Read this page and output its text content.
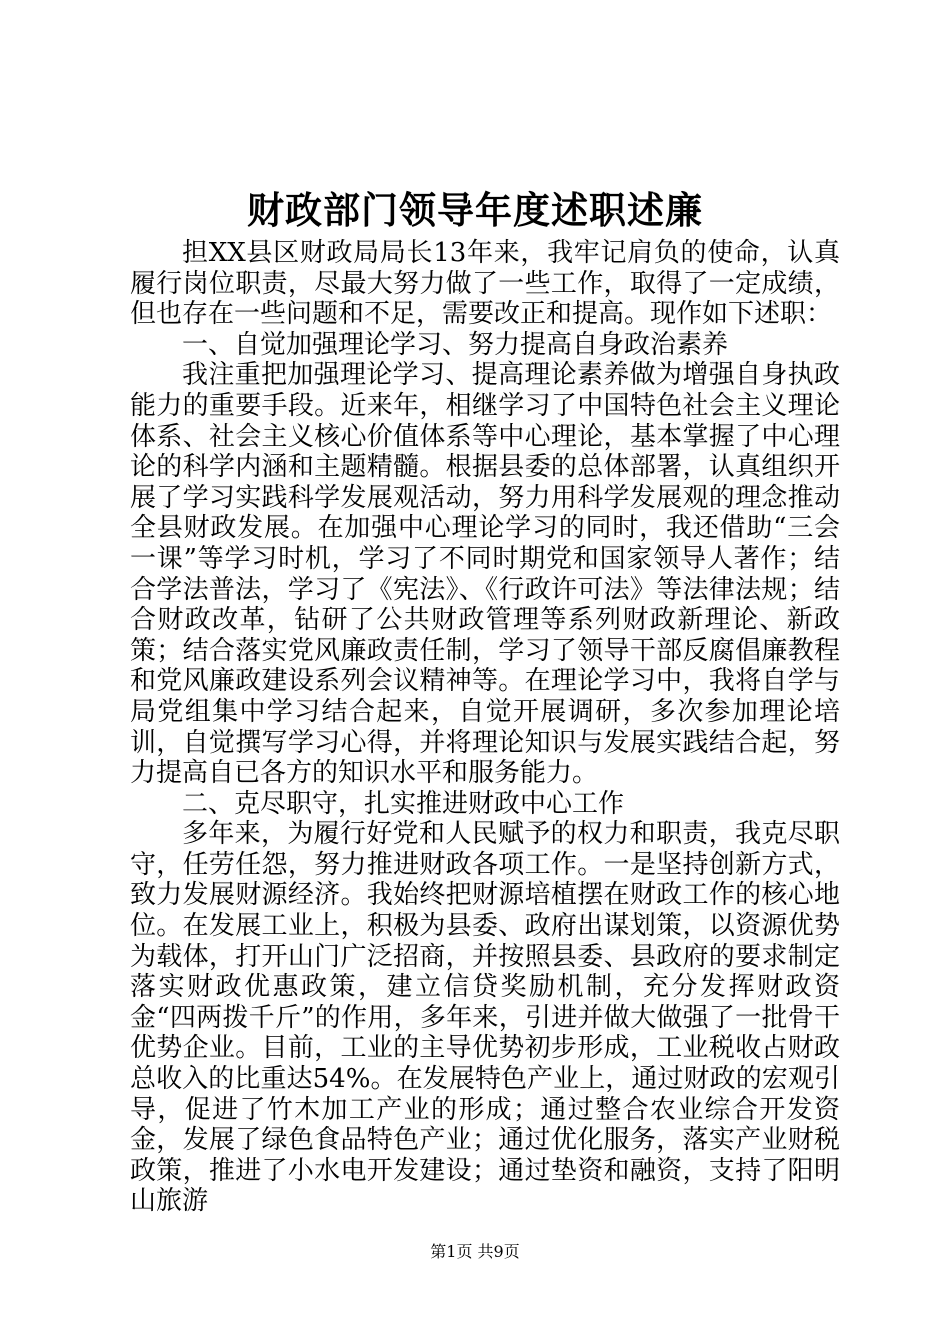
财政部门领导年度述职述廉

担XX县区财政局局长13年来，我牢记肩负的使命，认真履行岗位职责，尽最大努力做了一些工作，取得了一定成绩，但也存在一些问题和不足，需要改正和提高。现作如下述职：

一、自觉加强理论学习、努力提高自身政治素养

我注重把加强理论学习、提高理论素养做为增强自身执政能力的重要手段。近来年，相继学习了中国特色社会主义理论体系、社会主义核心价值体系等中心理论，基本掌握了中心理论的科学内涵和主题精髓。根据县委的总体部署，认真组织开展了学习实践科学发展观活动，努力用科学发展观的理念推动全县财政发展。在加强中心理论学习的同时，我还借助“三会一课”等学习时机，学习了不同时期党和国家领导人著作；结合学法普法，学习了《宪法》、《行政许可法》等法律法规；结合财政改革，钻研了公共财政管理等系列财政新理论、新政策；结合落实党风廉政责任制，学习了领导干部反腐倡廉教程和党风廉政建设系列会议精神等。在理论学习中，我将自学与局党组集中学习结合起来，自觉开展调研，多次参加理论培训，自觉撰写学习心得，并将理论知识与发展实践结合起，努力提高自已各方的知识水平和服务能力。

二、克尽职守，扎实推进财政中心工作

多年来，为履行好党和人民赋予的权力和职责，我克尽职守，任劳任怨，努力推进财政各项工作。一是坚持创新方式，致力发展财源经济。我始终把财源培植摆在财政工作的核心地位。在发展工业上，积极为县委、政府出谋划策，以资源优势为载体，打开山门广泛招商，并按照县委、县政府的要求制定落实财政优惠政策，建立信贷奖励机制，充分发挥财政资金“四两拨千斤”的作用，多年来，引进并做大做强了一批骨干优势企业。目前，工业的主导优势初步形成，工业税收占财政总收入的比重达54%。在发展特色产业上，通过财政的宏观引导，促进了竹木加工产业的形成；通过整合农业综合开发资金，发展了绿色食品特色产业；通过优化服务，落实产业财税政策，推进了小水电开发建设；通过垫资和融资，支持了阳明山旅游

第1页 共9页
